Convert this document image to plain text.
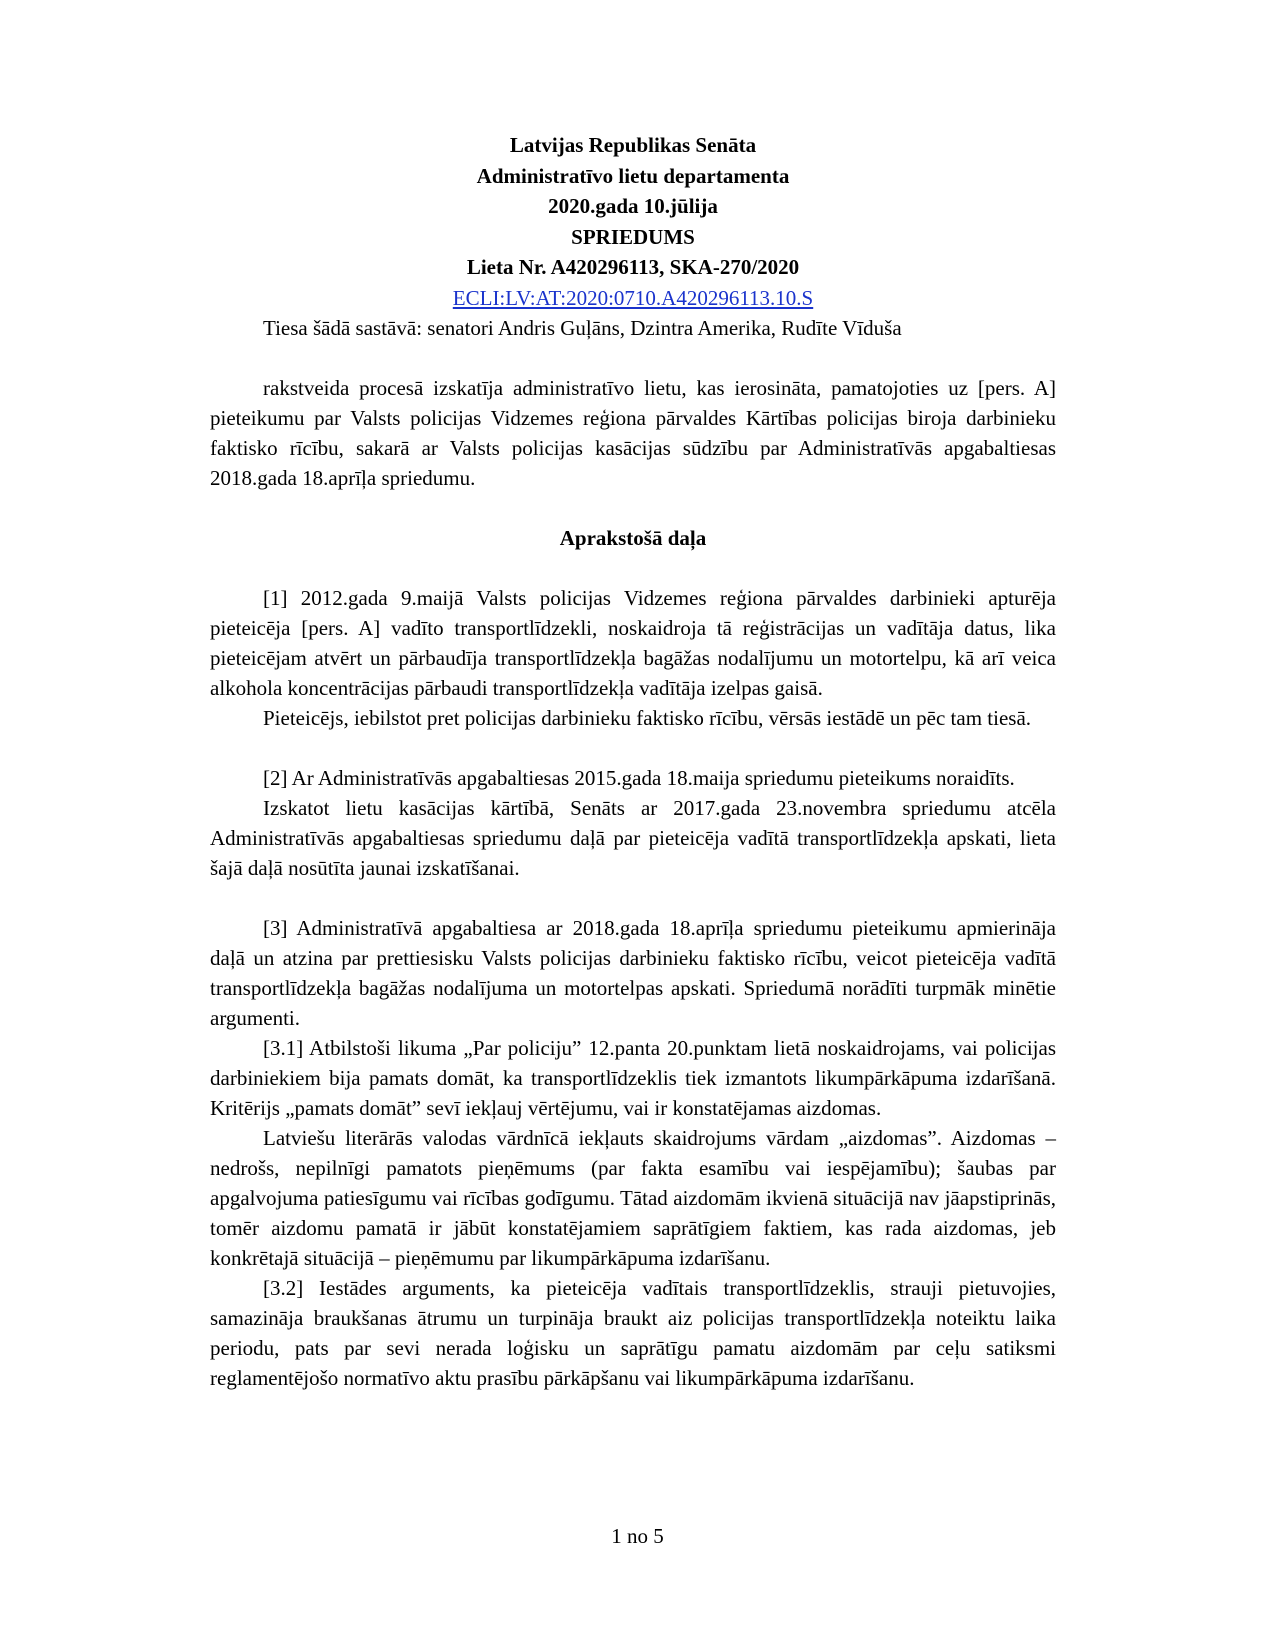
Latvijas Republikas Senāta
Administratīvo lietu departamenta
2020.gada 10.jūlija
SPRIEDUMS
Lieta Nr. A420296113, SKA-270/2020
ECLI:LV:AT:2020:0710.A420296113.10.S

Tiesa šādā sastāvā: senatori Andris Guļāns, Dzintra Amerika, Rudīte Vīduša

rakstveida procesā izskatīja administratīvo lietu, kas ierosināta, pamatojoties uz [pers. A] pieteikumu par Valsts policijas Vidzemes reģiona pārvaldes Kārtības policijas biroja darbinieku faktisko rīcību, sakarā ar Valsts policijas kasācijas sūdzību par Administratīvās apgabaltiesas 2018.gada 18.aprīļa spriedumu.

Aprakstošā daļa

[1] 2012.gada 9.maijā Valsts policijas Vidzemes reģiona pārvaldes darbinieki apturēja pieteicēja [pers. A] vadīto transportlīdzekli, noskaidroja tā reģistrācijas un vadītāja datus, lika pieteicējam atvērt un pārbaudīja transportlīdzekļa bagāžas nodalījumu un motortelpu, kā arī veica alkohola koncentrācijas pārbaudi transportlīdzekļa vadītāja izelpas gaisā.

Pieteicējs, iebilstot pret policijas darbinieku faktisko rīcību, vērsās iestādē un pēc tam tiesā.

[2] Ar Administratīvās apgabaltiesas 2015.gada 18.maija spriedumu pieteikums noraidīts.

Izskatot lietu kasācijas kārtībā, Senāts ar 2017.gada 23.novembra spriedumu atcēla Administratīvās apgabaltiesas spriedumu daļā par pieteicēja vadītā transportlīdzekļa apskati, lieta šajā daļā nosūtīta jaunai izskatīšanai.

[3] Administratīvā apgabaltiesa ar 2018.gada 18.aprīļa spriedumu pieteikumu apmierināja daļā un atzina par prettiesisku Valsts policijas darbinieku faktisko rīcību, veicot pieteicēja vadītā transportlīdzekļa bagāžas nodalījuma un motortelpas apskati. Spriedumā norādīti turpmāk minētie argumenti.

[3.1] Atbilstoši likuma „Par policiju” 12.panta 20.punktam lietā noskaidrojams, vai policijas darbiniekiem bija pamats domāt, ka transportlīdzeklis tiek izmantots likumpārkāpuma izdarīšanā. Kritērijs „pamats domāt” sevī iekļauj vērtējumu, vai ir konstatējamas aizdomas.

Latviešu literārās valodas vārdnīcā iekļauts skaidrojums vārdam „aizdomas”. Aizdomas – nedrošs, nepilnīgi pamatots pieņēmums (par fakta esamību vai iespējamību); šaubas par apgalvojuma patiesīgumu vai rīcības godīgumu. Tātad aizdomām ikvienā situācijā nav jāapstiprinās, tomēr aizdomu pamatā ir jābūt konstatējamiem saprātīgiem faktiem, kas rada aizdomas, jeb konkrētajā situācijā – pieņēmumu par likumpārkāpuma izdarīšanu.

[3.2] Iestādes arguments, ka pieteicēja vadītais transportlīdzeklis, strauji pietuvojies, samazināja braukšanas ātrumu un turpināja braukt aiz policijas transportlīdzekļa noteiktu laika periodu, pats par sevi nerada loģisku un saprātīgu pamatu aizdomām par ceļu satiksmi reglamentējošo normatīvo aktu prasību pārkāpšanu vai likumpārkāpuma izdarīšanu.

1 no 5
